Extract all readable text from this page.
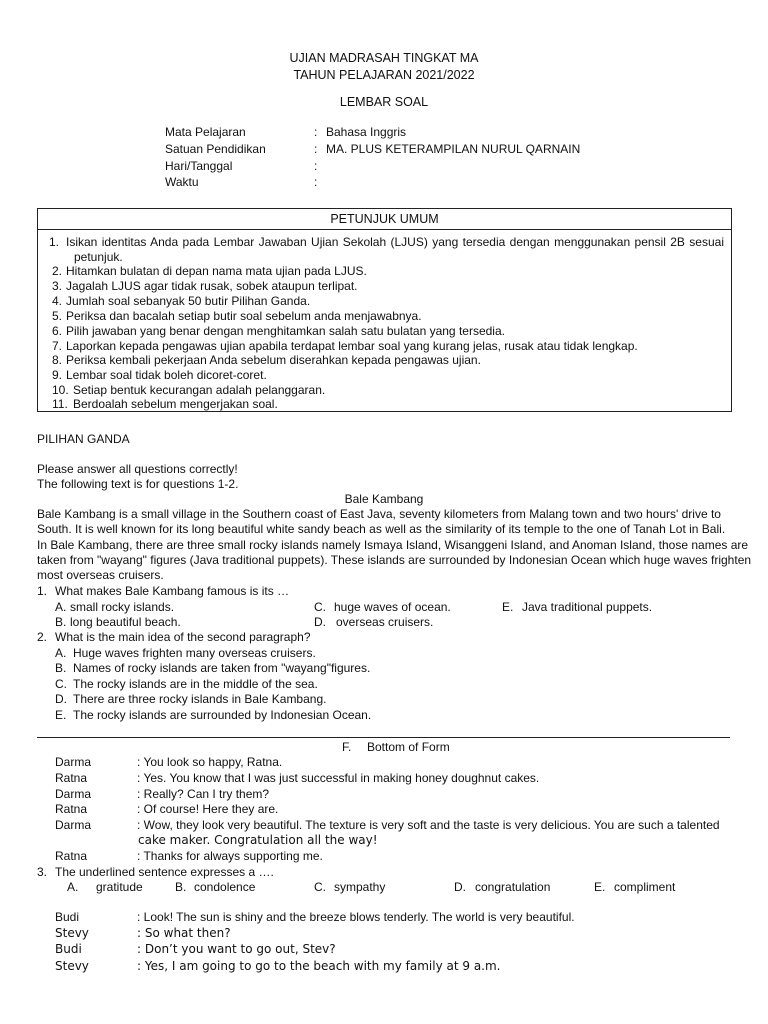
UJIAN MADRASAH TINGKAT MA
TAHUN PELAJARAN 2021/2022
LEMBAR SOAL
Mata Pelajaran	: Bahasa Inggris
Satuan Pendidikan	: MA. PLUS KETERAMPILAN NURUL QARNAIN
Hari/Tanggal	:
Waktu	:
PETUNJUK UMUM
1. Isikan identitas Anda pada Lembar Jawaban Ujian Sekolah (LJUS) yang tersedia dengan menggunakan pensil 2B sesuai
petunjuk.
2. Hitamkan bulatan di depan nama mata ujian pada LJUS.
3. Jagalah LJUS agar tidak rusak, sobek ataupun terlipat.
4. Jumlah soal sebanyak 50 butir Pilihan Ganda.
5. Periksa dan bacalah setiap butir soal sebelum anda menjawabnya.
6. Pilih jawaban yang benar dengan menghitamkan salah satu bulatan yang tersedia.
7. Laporkan kepada pengawas ujian apabila terdapat lembar soal yang kurang jelas, rusak atau tidak lengkap.
8. Periksa kembali pekerjaan Anda sebelum diserahkan kepada pengawas ujian.
9. Lembar soal tidak boleh dicoret-coret.
10. Setiap bentuk kecurangan adalah pelanggaran.
11. Berdoalah sebelum mengerjakan soal.
PILIHAN GANDA
Please answer all questions correctly!
The following text is for questions 1-2.
Bale Kambang
Bale Kambang is a small village in the Southern coast of East Java, seventy kilometers from Malang town and two hours' drive to
South. It is well known for its long beautiful white sandy beach as well as the similarity of its temple to the one of Tanah Lot in Bali.
In Bale Kambang, there are three small rocky islands namely Ismaya Island, Wisanggeni Island, and Anoman Island, those names are
taken from "wayang" figures (Java traditional puppets). These islands are surrounded by Indonesian Ocean which huge waves frighten
most overseas cruisers.
1. What makes Bale Kambang famous is its …
A. small rocky islands.
B. long beautiful beach.
C. huge waves of ocean.
D. overseas cruisers.
E. Java traditional puppets.
2. What is the main idea of the second paragraph?
A. Huge waves frighten many overseas cruisers.
B. Names of rocky islands are taken from "wayang"figures.
C. The rocky islands are in the middle of the sea.
D. There are three rocky islands in Bale Kambang.
E. The rocky islands are surrounded by Indonesian Ocean.
F. Bottom of Form
Darma	: You look so happy, Ratna.
Ratna	: Yes. You know that I was just successful in making honey doughnut cakes.
Darma	: Really? Can I try them?
Ratna	: Of course! Here they are.
Darma	: Wow, they look very beautiful. The texture is very soft and the taste is very delicious. You are such a talented
cake maker. Congratulation all the way!
Ratna	: Thanks for always supporting me.
3. The underlined sentence expresses a ….
A. gratitude	B. condolence	C. sympathy	D. congratulation	E. compliment
Budi	: Look! The sun is shiny and the breeze blows tenderly. The world is very beautiful.
Stevy	: So what then?
Budi	: Don’t you want to go out, Stev?
Stevy	: Yes, I am going to go to the beach with my family at 9 a.m.
